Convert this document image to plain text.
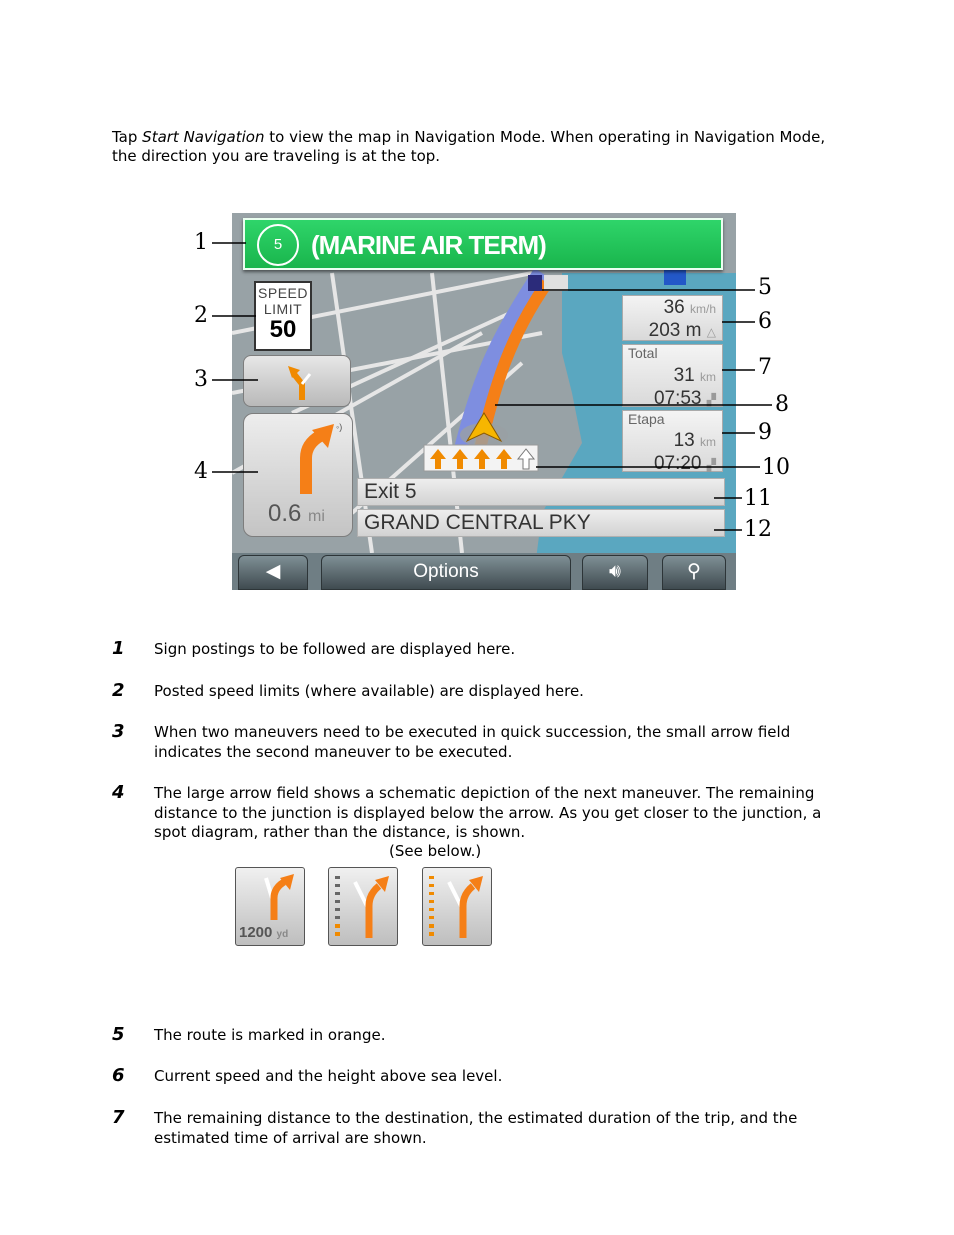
Tap Start Navigation to view the map in Navigation Mode. When operating in Navigation Mode, the direction you are traveling is at the top.
5	(MARINE AIR TERM)
SPEED
LIMIT
50
◦)
0.6 mi
36 km/h
203 m △
Total
31 km
07:53 ▞
Etapa
13 km
07:20 ▞
Exit 5
GRAND CENTRAL PKY
◀	Options	🔊︎	⚲
1
2
3
4
5
6
7
8
9
10
11
12
1 Sign postings to be followed are displayed here.
2 Posted speed limits (where available) are displayed here.
3 When two maneuvers need to be executed in quick succession, the small arrow field indicates the second maneuver to be executed.
4 The large arrow field shows a schematic depiction of the next maneuver. The remaining distance to the junction is displayed below the arrow. As you get closer to the junction, a spot diagram, rather than the distance, is shown.
(See below.)
1200 yd
5 The route is marked in orange.
6 Current speed and the height above sea level.
7 The remaining distance to the destination, the estimated duration of the trip, and the estimated time of arrival are shown.
